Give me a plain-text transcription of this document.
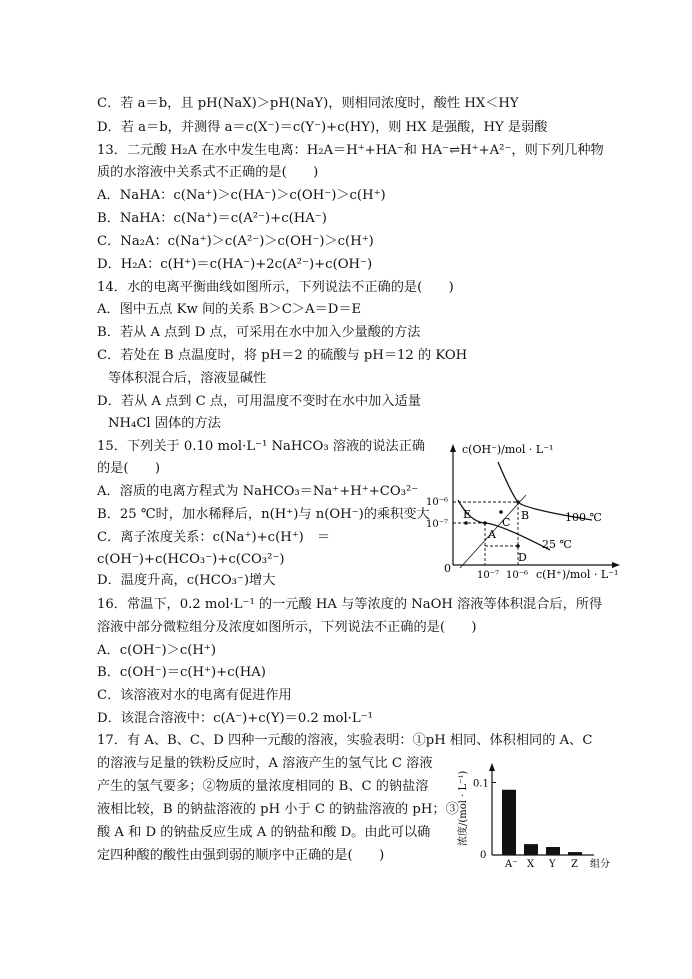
C．若 a＝b，且 pH(NaX)＞pH(NaY)，则相同浓度时，酸性 HX＜HY
D．若 a＝b，并测得 a＝c(X⁻)＝c(Y⁻)+c(HY)，则 HX 是强酸，HY 是弱酸
13．二元酸 H₂A 在水中发生电离：H₂A＝H⁺+HA⁻和 HA⁻⇌H⁺+A²⁻，则下列几种物
质的水溶液中关系式不正确的是(　　)
A．NaHA：c(Na⁺)＞c(HA⁻)＞c(OH⁻)＞c(H⁺)
B．NaHA：c(Na⁺)＝c(A²⁻)+c(HA⁻)
C．Na₂A：c(Na⁺)＞c(A²⁻)＞c(OH⁻)＞c(H⁺)
D．H₂A：c(H⁺)＝c(HA⁻)+2c(A²⁻)+c(OH⁻)
14．水的电离平衡曲线如图所示，下列说法不正确的是(　　)
A．图中五点 Kw 间的关系 B＞C＞A＝D＝E
B．若从 A 点到 D 点，可采用在水中加入少量酸的方法
C．若处在 B 点温度时，将 pH＝2 的硫酸与 pH＝12 的 KOH
等体积混合后，溶液显碱性
D．若从 A 点到 C 点，可用温度不变时在水中加入适量
NH₄Cl 固体的方法
15．下列关于 0.10 mol·L⁻¹ NaHCO₃ 溶液的说法正确
的是(　　)
A．溶质的电离方程式为 NaHCO₃＝Na⁺+H⁺+CO₃²⁻
B．25 ℃时，加水稀释后，n(H⁺)与 n(OH⁻)的乘积变大
C．离子浓度关系：c(Na⁺)+c(H⁺)　＝
c(OH⁻)+c(HCO₃⁻)+c(CO₃²⁻)
D．温度升高，c(HCO₃⁻)增大
16．常温下，0.2 mol·L⁻¹ 的一元酸 HA 与等浓度的 NaOH 溶液等体积混合后，所得
溶液中部分微粒组分及浓度如图所示，下列说法不正确的是(　　)
A．c(OH⁻)＞c(H⁺)
B．c(OH⁻)＝c(H⁺)+c(HA)
C．该溶液对水的电离有促进作用
D．该混合溶液中：c(A⁻)+c(Y)＝0.2 mol·L⁻¹
17．有 A、B、C、D 四种一元酸的溶液，实验表明：①pH 相同、体积相同的 A、C
的溶液与足量的铁粉反应时，A 溶液产生的氢气比 C 溶液
产生的氢气要多；②物质的量浓度相同的 B、C 的钠盐溶
液相比较，B 的钠盐溶液的 pH 小于 C 的钠盐溶液的 pH；③
酸 A 和 D 的钠盐反应生成 A 的钠盐和酸 D。由此可以确
定四种酸的酸性由强到弱的顺序中正确的是(　　)
c(OH⁻)/mol · L⁻¹
c(H⁺)/mol · L⁻¹
10⁻⁶
10⁻⁷
10⁻⁷ 10⁻⁶
0
A
B
C
D
E	100 ℃
25 ℃
浓度/(mol · L⁻¹)
0
0.1
组分
A⁻ X Y Z
